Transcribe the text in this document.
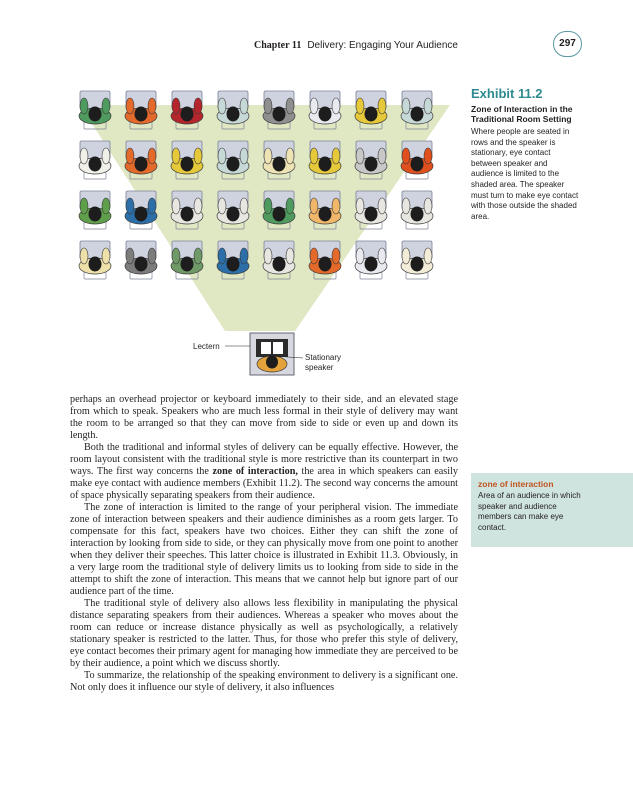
Chapter 11 Delivery: Engaging Your Audience	297
Lectern
Stationary speaker

Exhibit 11.2

Zone of Interaction in the Traditional Room Setting

Where people are seated in rows and the speaker is stationary, eye contact between speaker and audience is limited to the shaded area. The speaker must turn to make eye contact with those outside the shaded area.

zone of interaction

Area of an audience in which speaker and audience members can make eye contact.

perhaps an overhead projector or keyboard immediately to their side, and an elevated stage from which to speak. Speakers who are much less formal in their style of delivery may want the room to be arranged so that they can move from side to side or even up and down its length.

Both the traditional and informal styles of delivery can be equally effective. However, the room layout consistent with the traditional style is more restrictive than its counterpart in two ways. The first way concerns the zone of interaction, the area in which speakers can easily make eye contact with audience members (Exhibit 11.2). The second way concerns the amount of space physically separating speakers from their audience.

The zone of interaction is limited to the range of your peripheral vision. The immediate zone of interaction between speakers and their audience diminishes as a room gets larger. To compensate for this fact, speakers have two choices. Either they can shift the zone of interaction by looking from side to side, or they can physically move from one point to another when they deliver their speeches. This latter choice is illustrated in Exhibit 11.3. Obviously, in a very large room the traditional style of delivery limits us to looking from side to side in the attempt to shift the zone of interaction. This means that we cannot help but ignore part of our audience part of the time.

The traditional style of delivery also allows less flexibility in manipulating the physical distance separating speakers from their audiences. Whereas a speaker who moves about the room can reduce or increase distance physically as well as psychologically, a relatively stationary speaker is restricted to the latter. Thus, for those who prefer this style of delivery, eye contact becomes their primary agent for managing how immediate they are perceived to be by their audience, a point which we discuss shortly.

To summarize, the relationship of the speaking environment to delivery is a significant one. Not only does it influence our style of delivery, it also influences
